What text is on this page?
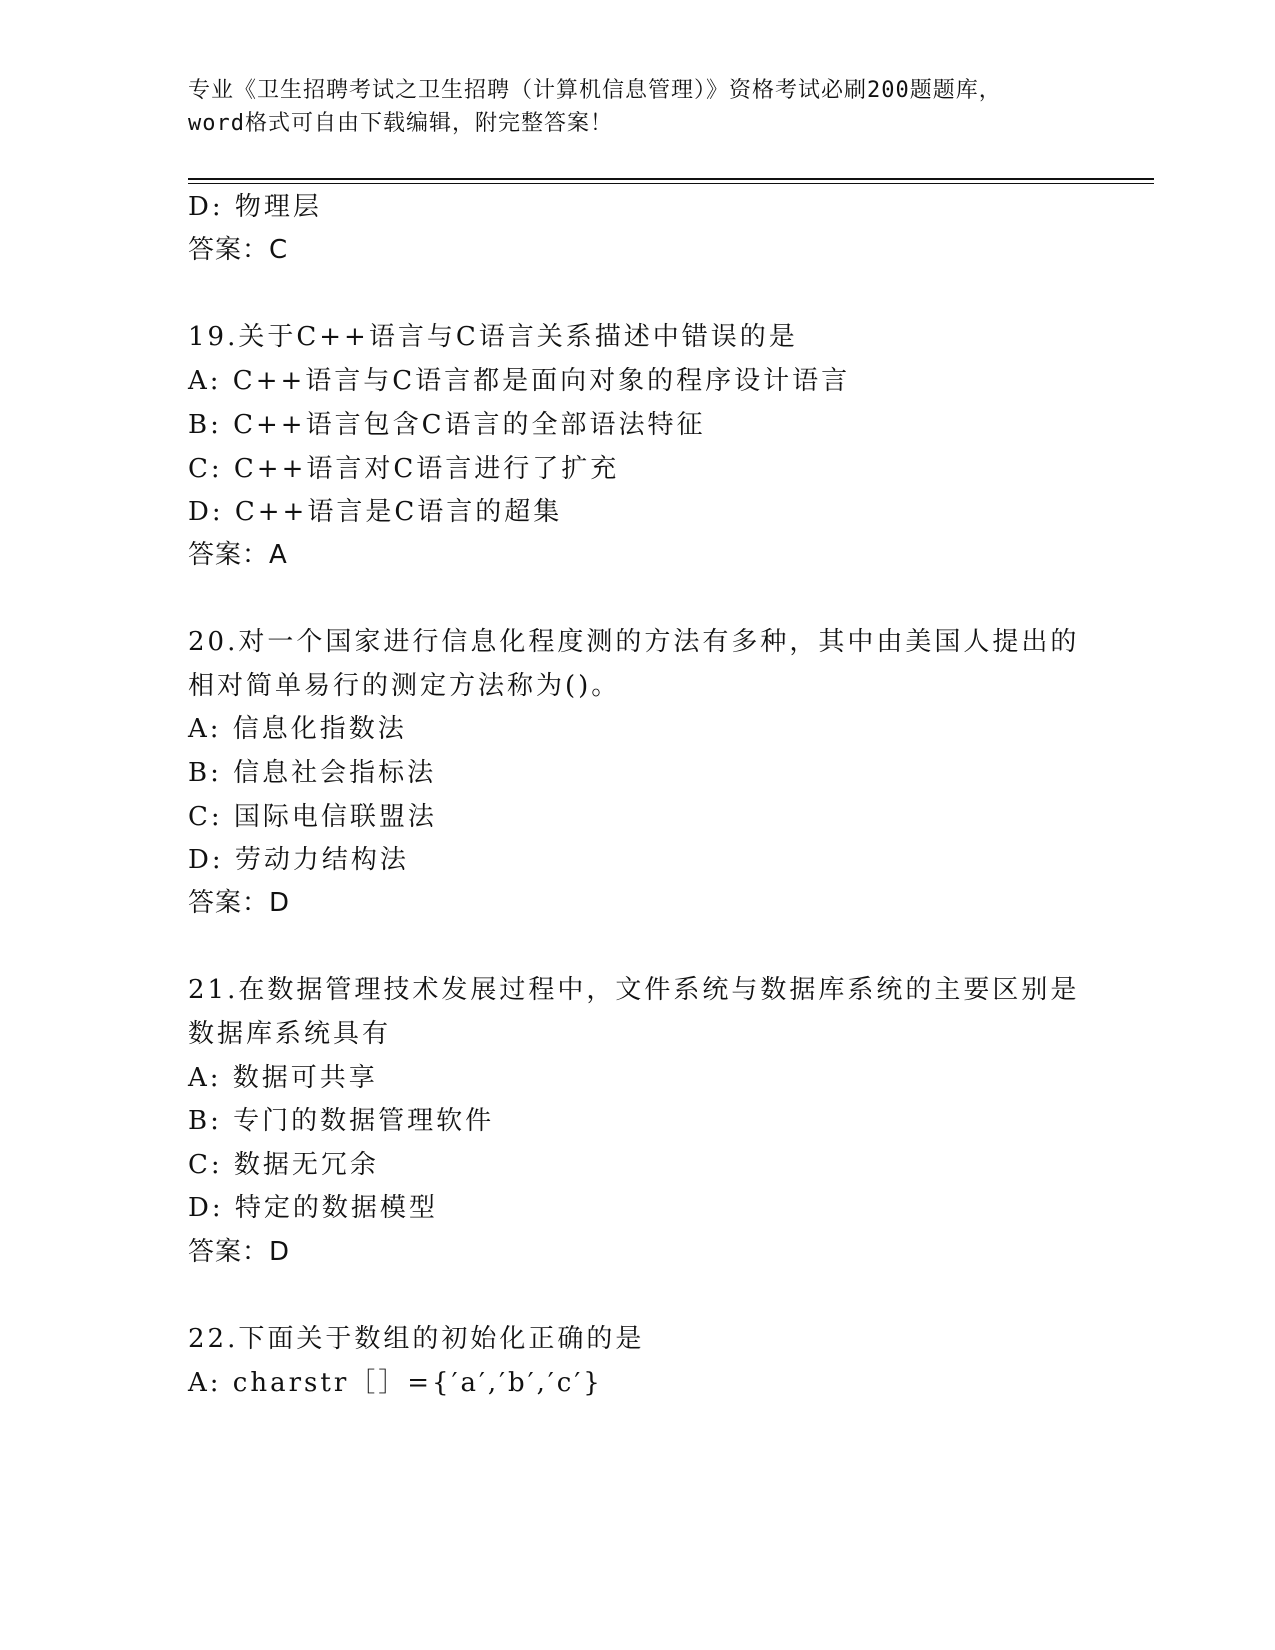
专业《卫生招聘考试之卫生招聘（计算机信息管理）》资格考试必刷200题题库，
word格式可自由下载编辑，附完整答案！
D: 物理层
答案：C
19.关于C++语言与C语言关系描述中错误的是
A: C++语言与C语言都是面向对象的程序设计语言
B: C++语言包含C语言的全部语法特征
C: C++语言对C语言进行了扩充
D: C++语言是C语言的超集
答案：A
20.对一个国家进行信息化程度测的方法有多种，其中由美国人提出的
相对简单易行的测定方法称为()。
A: 信息化指数法
B: 信息社会指标法
C: 国际电信联盟法
D: 劳动力结构法
答案：D
21.在数据管理技术发展过程中，文件系统与数据库系统的主要区别是
数据库系统具有
A: 数据可共享
B: 专门的数据管理软件
C: 数据无冗余
D: 特定的数据模型
答案：D
22.下面关于数组的初始化正确的是
A: charstr［］={′a′,′b′,′c′}
